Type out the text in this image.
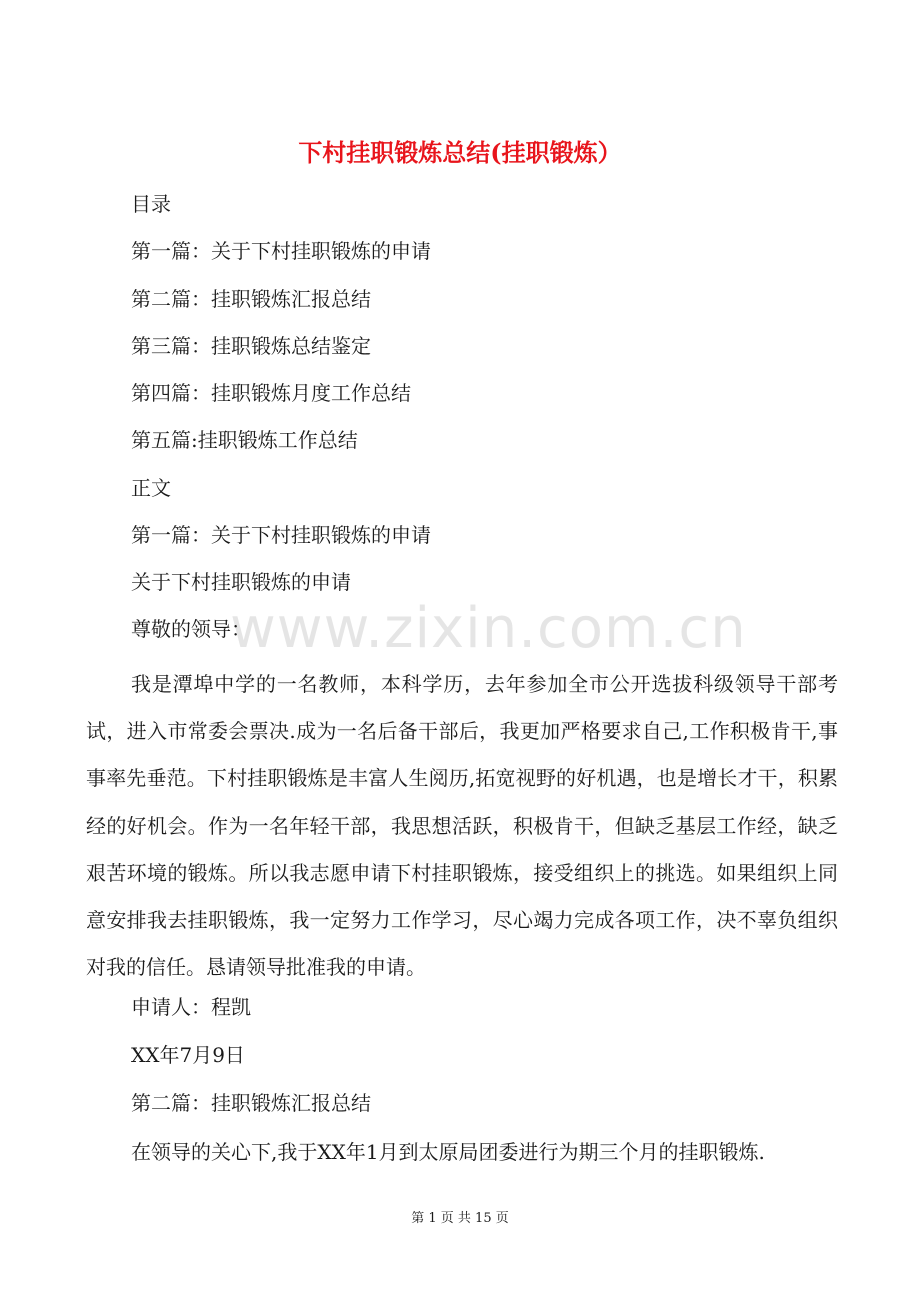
下村挂职锻炼总结(挂职锻炼）
目录
第一篇：关于下村挂职锻炼的申请
第二篇：挂职锻炼汇报总结
第三篇：挂职锻炼总结鉴定
第四篇：挂职锻炼月度工作总结
第五篇:挂职锻炼工作总结
正文
第一篇：关于下村挂职锻炼的申请
关于下村挂职锻炼的申请
尊敬的领导：
www.zixin.com.cn
我是潭埠中学的一名教师，本科学历，去年参加全市公开选拔科级领导干部考试，进入市常委会票决.成为一名后备干部后，我更加严格要求自己,工作积极肯干,事事率先垂范。下村挂职锻炼是丰富人生阅历,拓宽视野的好机遇，也是增长才干，积累经的好机会。作为一名年轻干部，我思想活跃，积极肯干，但缺乏基层工作经，缺乏艰苦环境的锻炼。所以我志愿申请下村挂职锻炼，接受组织上的挑选。如果组织上同意安排我去挂职锻炼，我一定努力工作学习，尽心竭力完成各项工作，决不辜负组织对我的信任。恳请领导批准我的申请。
申请人：程凯
XX年7月9日
第二篇：挂职锻炼汇报总结
在领导的关心下,我于XX年1月到太原局团委进行为期三个月的挂职锻炼.
第 1 页 共 15 页
